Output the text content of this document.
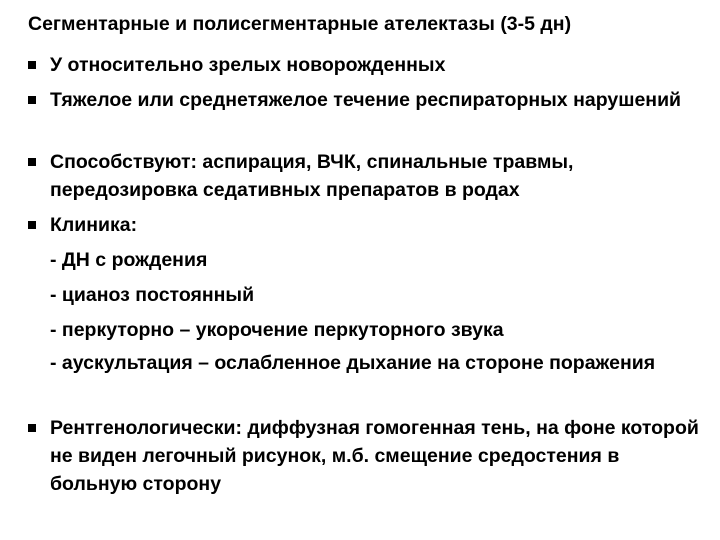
Сегментарные и полисегментарные ателектазы (3-5 дн)
У относительно зрелых новорожденных
Тяжелое или среднетяжелое течение респираторных нарушений
Способствуют: аспирация, ВЧК, спинальные травмы, передозировка седативных препаратов в родах
Клиника:
- ДН с рождения
- цианоз постоянный
- перкуторно – укорочение перкуторного звука
- аускультация – ослабленное дыхание на стороне поражения
Рентгенологически: диффузная гомогенная тень, на фоне которой не виден легочный рисунок, м.б. смещение средостения в больную сторону
